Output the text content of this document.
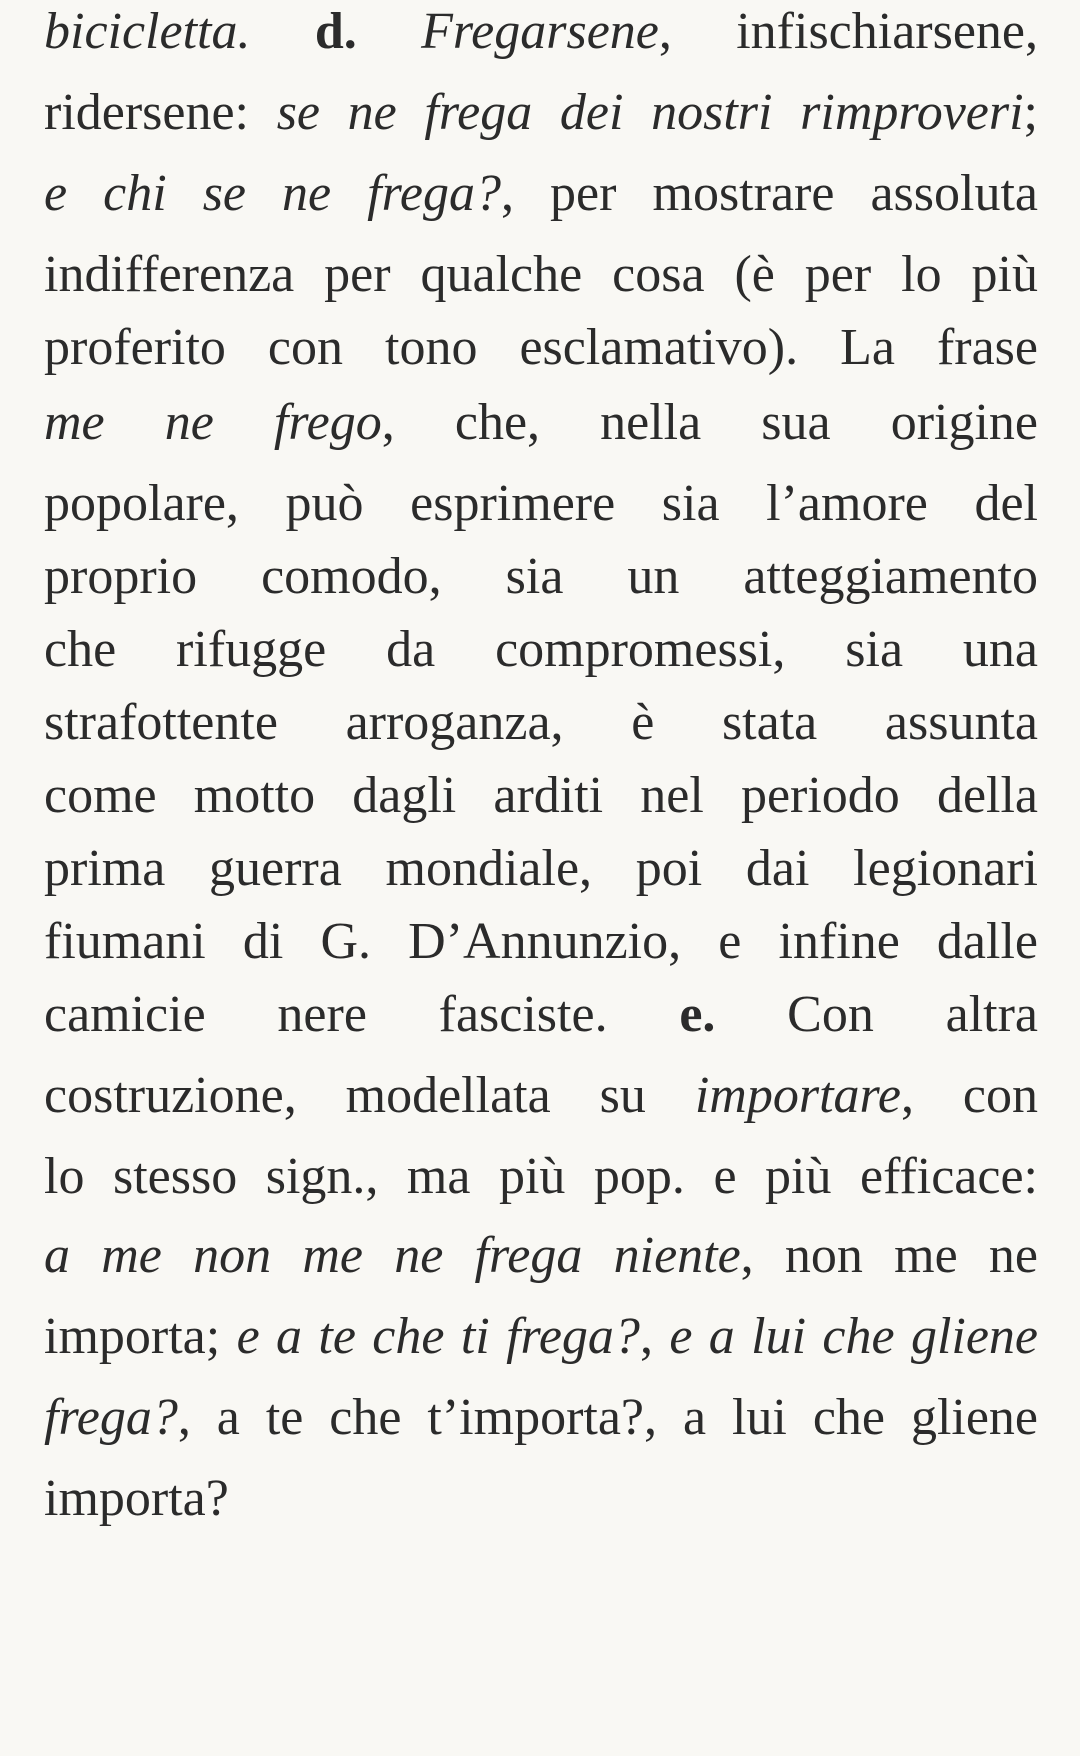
bicicletta. d. Fregarsene, infischiarsene,
ridersene: se ne frega dei nostri rimproveri;
e chi se ne frega?, per mostrare assoluta
indifferenza per qualche cosa (è per lo più
proferito con tono esclamativo). La frase
me ne frego, che, nella sua origine
popolare, può esprimere sia l’amore del
proprio comodo, sia un atteggiamento
che rifugge da compromessi, sia una
strafottente arroganza, è stata assunta
come motto dagli arditi nel periodo della
prima guerra mondiale, poi dai legionari
fiumani di G. D’Annunzio, e infine dalle
camicie nere fasciste. e. Con altra
costruzione, modellata su importare, con
lo stesso sign., ma più pop. e più efficace:
a me non me ne frega niente, non me ne
importa; e a te che ti frega?, e a lui che gliene
frega?, a te che t’importa?, a lui che gliene
importa?
